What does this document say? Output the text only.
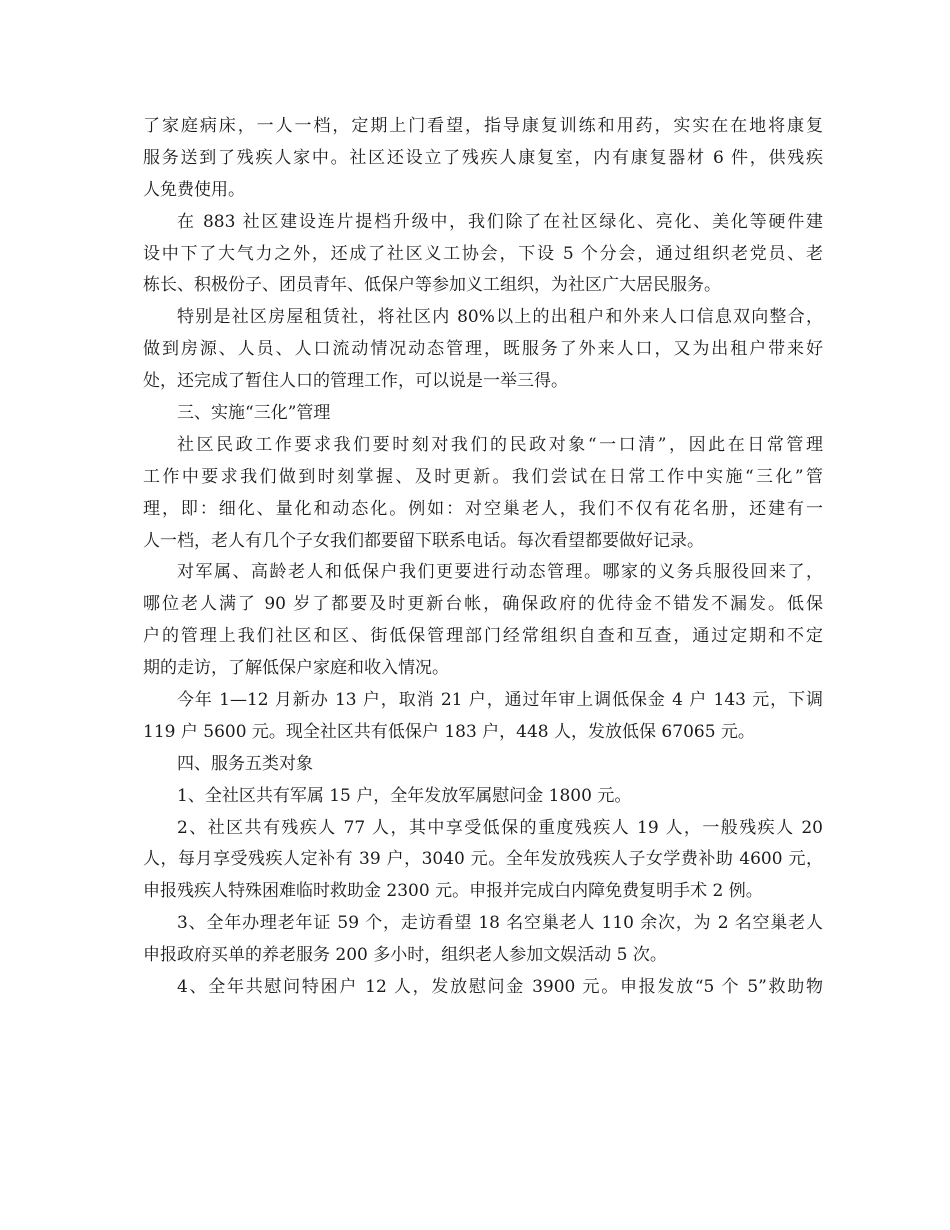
了家庭病床，一人一档，定期上门看望，指导康复训练和用药，实实在在地将康复
服务送到了残疾人家中。社区还设立了残疾人康复室，内有康复器材 6 件，供残疾
人免费使用。
在 883 社区建设连片提档升级中，我们除了在社区绿化、亮化、美化等硬件建
设中下了大气力之外，还成了社区义工协会，下设 5 个分会，通过组织老党员、老
栋长、积极份子、团员青年、低保户等参加义工组织，为社区广大居民服务。
特别是社区房屋租赁社，将社区内 80%以上的出租户和外来人口信息双向整合，
做到房源、人员、人口流动情况动态管理，既服务了外来人口，又为出租户带来好
处，还完成了暂住人口的管理工作，可以说是一举三得。
三、实施“三化”管理
社区民政工作要求我们要时刻对我们的民政对象“一口清”，因此在日常管理
工作中要求我们做到时刻掌握、及时更新。我们尝试在日常工作中实施“三化”管
理，即：细化、量化和动态化。例如：对空巢老人，我们不仅有花名册，还建有一
人一档，老人有几个子女我们都要留下联系电话。每次看望都要做好记录。
对军属、高龄老人和低保户我们更要进行动态管理。哪家的义务兵服役回来了，
哪位老人满了 90 岁了都要及时更新台帐，确保政府的优待金不错发不漏发。低保
户的管理上我们社区和区、街低保管理部门经常组织自查和互查，通过定期和不定
期的走访，了解低保户家庭和收入情况。
今年 1—12 月新办 13 户，取消 21 户，通过年审上调低保金 4 户 143 元，下调
119 户 5600 元。现全社区共有低保户 183 户，448 人，发放低保 67065 元。
四、服务五类对象
1、全社区共有军属 15 户，全年发放军属慰问金 1800 元。
2、社区共有残疾人 77 人，其中享受低保的重度残疾人 19 人，一般残疾人 20
人，每月享受残疾人定补有 39 户，3040 元。全年发放残疾人子女学费补助 4600 元，
申报残疾人特殊困难临时救助金 2300 元。申报并完成白内障免费复明手术 2 例。
3、全年办理老年证 59 个，走访看望 18 名空巢老人 110 余次，为 2 名空巢老人
申报政府买单的养老服务 200 多小时，组织老人参加文娱活动 5 次。
4、全年共慰问特困户 12 人，发放慰问金 3900 元。申报发放“5 个 5”救助物
